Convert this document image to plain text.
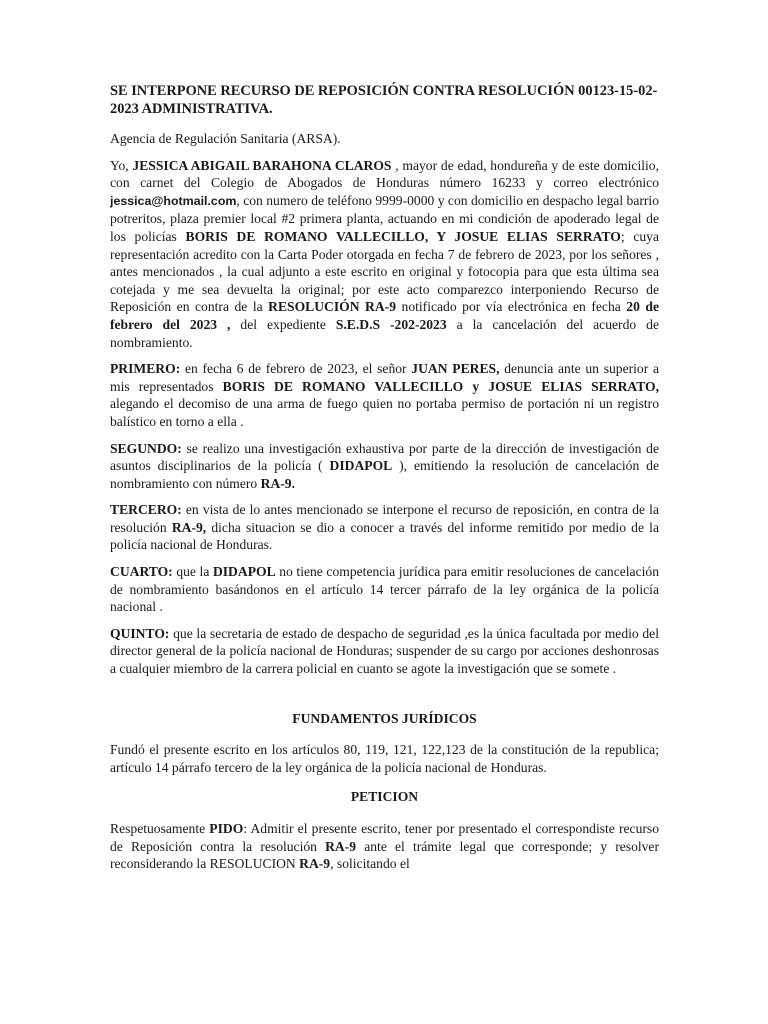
SE INTERPONE RECURSO DE REPOSICIÓN CONTRA RESOLUCIÓN 00123-15-02-2023 ADMINISTRATIVA.

Agencia de Regulación Sanitaria (ARSA).

Yo, JESSICA ABIGAIL BARAHONA CLAROS , mayor de edad, hondureña y de este domicilio, con carnet del Colegio de Abogados de Honduras número 16233 y correo electrónico jessica@hotmail.com, con numero de teléfono 9999-0000 y con domicilio en despacho legal barrio potreritos, plaza premier local #2 primera planta, actuando en mi condición de apoderado legal de los policías BORIS DE ROMANO VALLECILLO, Y JOSUE ELIAS SERRATO; cuya representación acredito con la Carta Poder otorgada en fecha 7 de febrero de 2023, por los señores , antes mencionados , la cual adjunto a este escrito en original y fotocopia para que esta última sea cotejada y me sea devuelta la original; por este acto comparezco interponiendo Recurso de Reposición en contra de la RESOLUCIÓN RA-9 notificado por vía electrónica en fecha 20 de febrero del 2023 , del expediente S.E.D.S -202-2023 a la cancelación del acuerdo de nombramiento.

PRIMERO: en fecha 6 de febrero de 2023, el señor JUAN PERES, denuncia ante un superior a mis representados BORIS DE ROMANO VALLECILLO y JOSUE ELIAS SERRATO, alegando el decomiso de una arma de fuego quien no portaba permiso de portación ni un registro balístico en torno a ella .

SEGUNDO: se realizo una investigación exhaustiva por parte de la dirección de investigación de asuntos disciplinarios de la policía ( DIDAPOL ), emitiendo la resolución de cancelación de nombramiento con número RA-9.

TERCERO: en vista de lo antes mencionado se interpone el recurso de reposición, en contra de la resolución RA-9, dicha situacion se dio a conocer a través del informe remitido por medio de la policía nacional de Honduras.

CUARTO: que la DIDAPOL no tiene competencia jurídica para emitir resoluciones de cancelación de nombramiento basándonos en el artículo 14 tercer párrafo de la ley orgánica de la policía nacional .

QUINTO: que la secretaria de estado de despacho de seguridad ,es la única facultada por medio del director general de la policía nacional de Honduras; suspender de su cargo por acciones deshonrosas a cualquier miembro de la carrera policial en cuanto se agote la investigación que se somete .

FUNDAMENTOS JURÍDICOS

Fundó el presente escrito en los artículos 80, 119, 121, 122,123 de la constitución de la republica; artículo 14 párrafo tercero de la ley orgánica de la policía nacional de Honduras.

PETICION

Respetuosamente PIDO: Admitir el presente escrito, tener por presentado el correspondiste recurso de Reposición contra la resolución RA-9 ante el trámite legal que corresponde; y resolver reconsiderando la RESOLUCION RA-9, solicitando el
